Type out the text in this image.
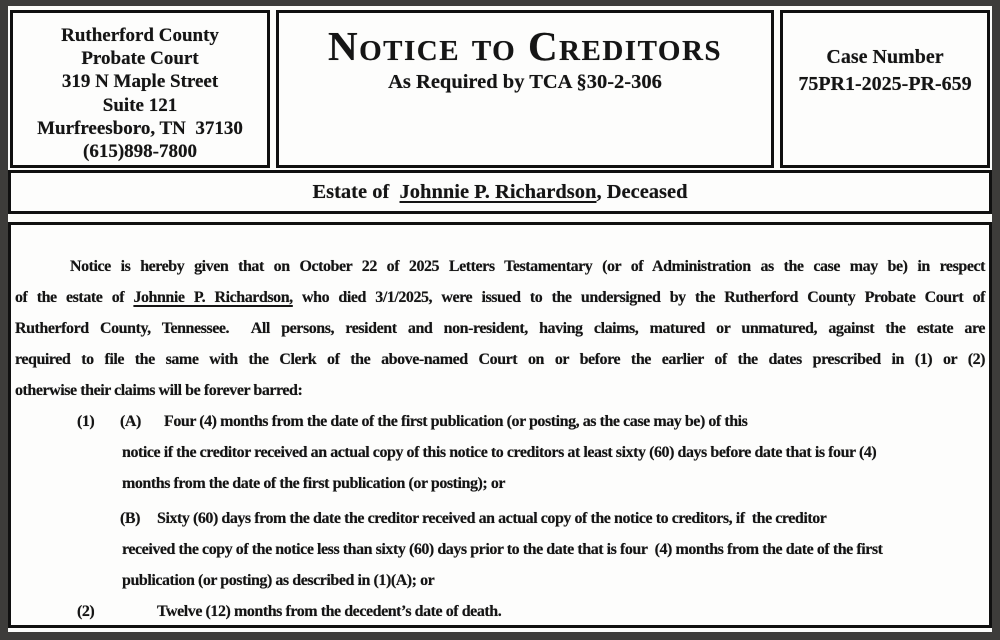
Rutherford County
Probate Court
319 N Maple Street
Suite 121
Murfreesboro, TN  37130
(615)898-7800
Notice to Creditors
As Required by TCA §30-2-306
Case Number
75PR1-2025-PR-659
Estate of Johnnie P. Richardson , Deceased
Notice is hereby given that on October 22 of 2025 Letters Testamentary (or of Administration as the case may be) in respect
of the estate of Johnnie P. Richardson, who died 3/1/2025, were issued to the undersigned by the Rutherford County Probate Court of
Rutherford County, Tennessee.  All persons, resident and non-resident, having claims, matured or unmatured, against the estate are
required to file the same with the Clerk of the above-named Court on or before the earlier of the dates prescribed in (1) or (2)
otherwise their claims will be forever barred:
(1) (A) Four (4) months from the date of the first publication (or posting, as the case may be) of this
notice if the creditor received an actual copy of this notice to creditors at least sixty (60) days before date that is four (4)
months from the date of the first publication (or posting); or
(B) Sixty (60) days from the date the creditor received an actual copy of the notice to creditors, if  the creditor
received the copy of the notice less than sixty (60) days prior to the date that is four  (4) months from the date of the first
publication (or posting) as described in (1)(A); or
(2)	Twelve (12) months from the decedent’s date of death.
